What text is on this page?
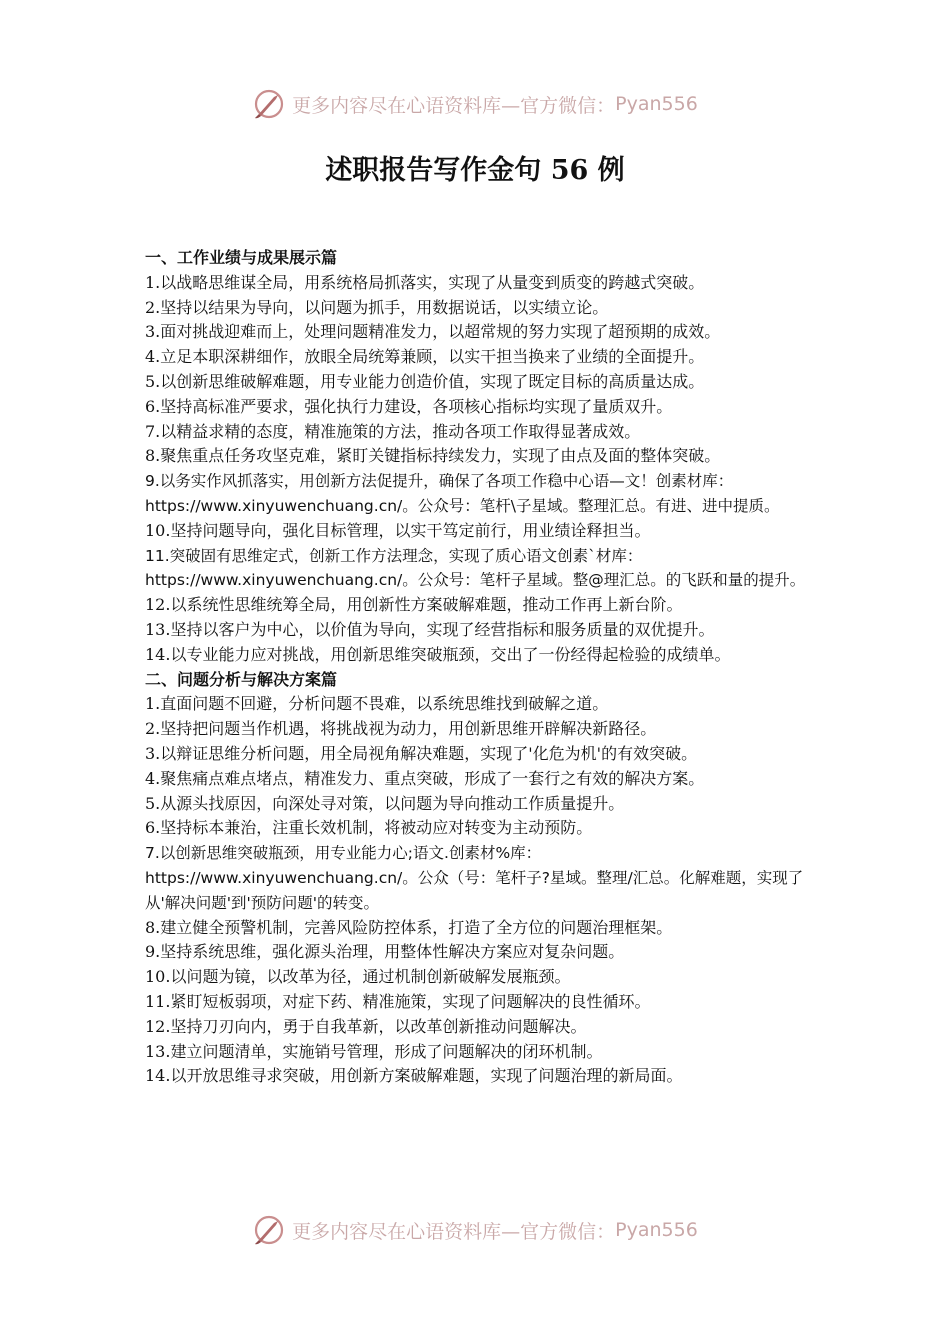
更多内容尽在心语资料库—官方微信： Pyan556
述职报告写作金句 56 例

一、工作业绩与成果展示篇

1.以战略思维谋全局，用系统格局抓落实，实现了从量变到质变的跨越式突破。

2.坚持以结果为导向，以问题为抓手，用数据说话，以实绩立论。

3.面对挑战迎难而上，处理问题精准发力，以超常规的努力实现了超预期的成效。

4.立足本职深耕细作，放眼全局统筹兼顾，以实干担当换来了业绩的全面提升。

5.以创新思维破解难题，用专业能力创造价值，实现了既定目标的高质量达成。

6.坚持高标准严要求，强化执行力建设，各项核心指标均实现了量质双升。

7.以精益求精的态度，精准施策的方法，推动各项工作取得显著成效。

8.聚焦重点任务攻坚克难，紧盯关键指标持续发力，实现了由点及面的整体突破。

9.以务实作风抓落实，用创新方法促提升，确保了各项工作稳中心语—文！创素材库：https://www.xinyuwenchuang.cn/。公众号：笔杆\子星域。整理汇总。有进、进中提质。

10.坚持问题导向，强化目标管理，以实干笃定前行，用业绩诠释担当。

11.突破固有思维定式，创新工作方法理念，实现了质心语文创素`材库：https://www.xinyuwenchuang.cn/。公众号：笔杆子星域。整@理汇总。的飞跃和量的提升。

12.以系统性思维统筹全局，用创新性方案破解难题，推动工作再上新台阶。

13.坚持以客户为中心，以价值为导向，实现了经营指标和服务质量的双优提升。

14.以专业能力应对挑战，用创新思维突破瓶颈，交出了一份经得起检验的成绩单。

二、问题分析与解决方案篇

1.直面问题不回避，分析问题不畏难，以系统思维找到破解之道。

2.坚持把问题当作机遇，将挑战视为动力，用创新思维开辟解决新路径。

3.以辩证思维分析问题，用全局视角解决难题，实现了'化危为机'的有效突破。

4.聚焦痛点难点堵点，精准发力、重点突破，形成了一套行之有效的解决方案。

5.从源头找原因，向深处寻对策，以问题为导向推动工作质量提升。

6.坚持标本兼治，注重长效机制，将被动应对转变为主动预防。

7.以创新思维突破瓶颈，用专业能力心;语文.创素材%库：https://www.xinyuwenchuang.cn/。公众（号：笔杆子?星域。整理/汇总。化解难题，实现了从'解决问题'到'预防问题'的转变。

8.建立健全预警机制，完善风险防控体系，打造了全方位的问题治理框架。

9.坚持系统思维，强化源头治理，用整体性解决方案应对复杂问题。

10.以问题为镜，以改革为径，通过机制创新破解发展瓶颈。

11.紧盯短板弱项，对症下药、精准施策，实现了问题解决的良性循环。

12.坚持刀刃向内，勇于自我革新，以改革创新推动问题解决。

13.建立问题清单，实施销号管理，形成了问题解决的闭环机制。

14.以开放思维寻求突破，用创新方案破解难题，实现了问题治理的新局面。

更多内容尽在心语资料库—官方微信： Pyan556
